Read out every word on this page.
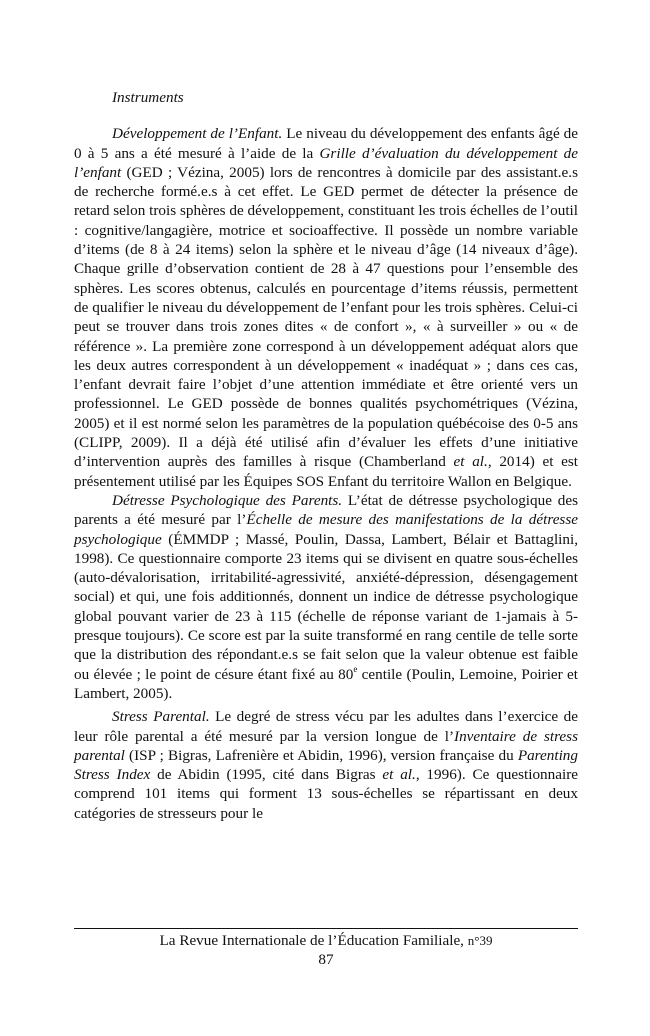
Instruments

Développement de l’Enfant. Le niveau du développement des enfants âgé de 0 à 5 ans a été mesuré à l’aide de la Grille d’évaluation du développement de l’enfant (GED ; Vézina, 2005) lors de rencontres à domicile par des assistant.e.s de recherche formé.e.s à cet effet. Le GED permet de détecter la présence de retard selon trois sphères de développement, constituant les trois échelles de l’outil : cognitive/langagière, motrice et socioaffective. Il possède un nombre variable d’items (de 8 à 24 items) selon la sphère et le niveau d’âge (14 niveaux d’âge). Chaque grille d’observation contient de 28 à 47 questions pour l’ensemble des sphères. Les scores obtenus, calculés en pourcentage d’items réussis, permettent de qualifier le niveau du développement de l’enfant pour les trois sphères. Celui-ci peut se trouver dans trois zones dites « de confort », « à surveiller » ou « de référence ». La première zone correspond à un développement adéquat alors que les deux autres correspondent à un développement « inadéquat » ; dans ces cas, l’enfant devrait faire l’objet d’une attention immédiate et être orienté vers un professionnel. Le GED possède de bonnes qualités psychométriques (Vézina, 2005) et il est normé selon les paramètres de la population québécoise des 0-5 ans (CLIPP, 2009). Il a déjà été utilisé afin d’évaluer les effets d’une initiative d’intervention auprès des familles à risque (Chamberland et al., 2014) et est présentement utilisé par les Équipes SOS Enfant du territoire Wallon en Belgique.

Détresse Psychologique des Parents. L’état de détresse psychologique des parents a été mesuré par l’Échelle de mesure des manifestations de la détresse psychologique (ÉMMDP ; Massé, Poulin, Dassa, Lambert, Bélair et Battaglini, 1998). Ce questionnaire comporte 23 items qui se divisent en quatre sous-échelles (auto-dévalorisation, irritabilité-agressivité, anxiété-dépression, désengagement social) et qui, une fois additionnés, donnent un indice de détresse psychologique global pouvant varier de 23 à 115 (échelle de réponse variant de 1-jamais à 5-presque toujours). Ce score est par la suite transformé en rang centile de telle sorte que la distribution des répondant.e.s se fait selon que la valeur obtenue est faible ou élevée ; le point de césure étant fixé au 80e centile (Poulin, Lemoine, Poirier et Lambert, 2005).

Stress Parental. Le degré de stress vécu par les adultes dans l’exercice de leur rôle parental a été mesuré par la version longue de l’Inventaire de stress parental (ISP ; Bigras, Lafrenière et Abidin, 1996), version française du Parenting Stress Index de Abidin (1995, cité dans Bigras et al., 1996). Ce questionnaire comprend 101 items qui forment 13 sous-échelles se répartissant en deux catégories de stresseurs pour le

La Revue Internationale de l’Éducation Familiale, n°39
87
